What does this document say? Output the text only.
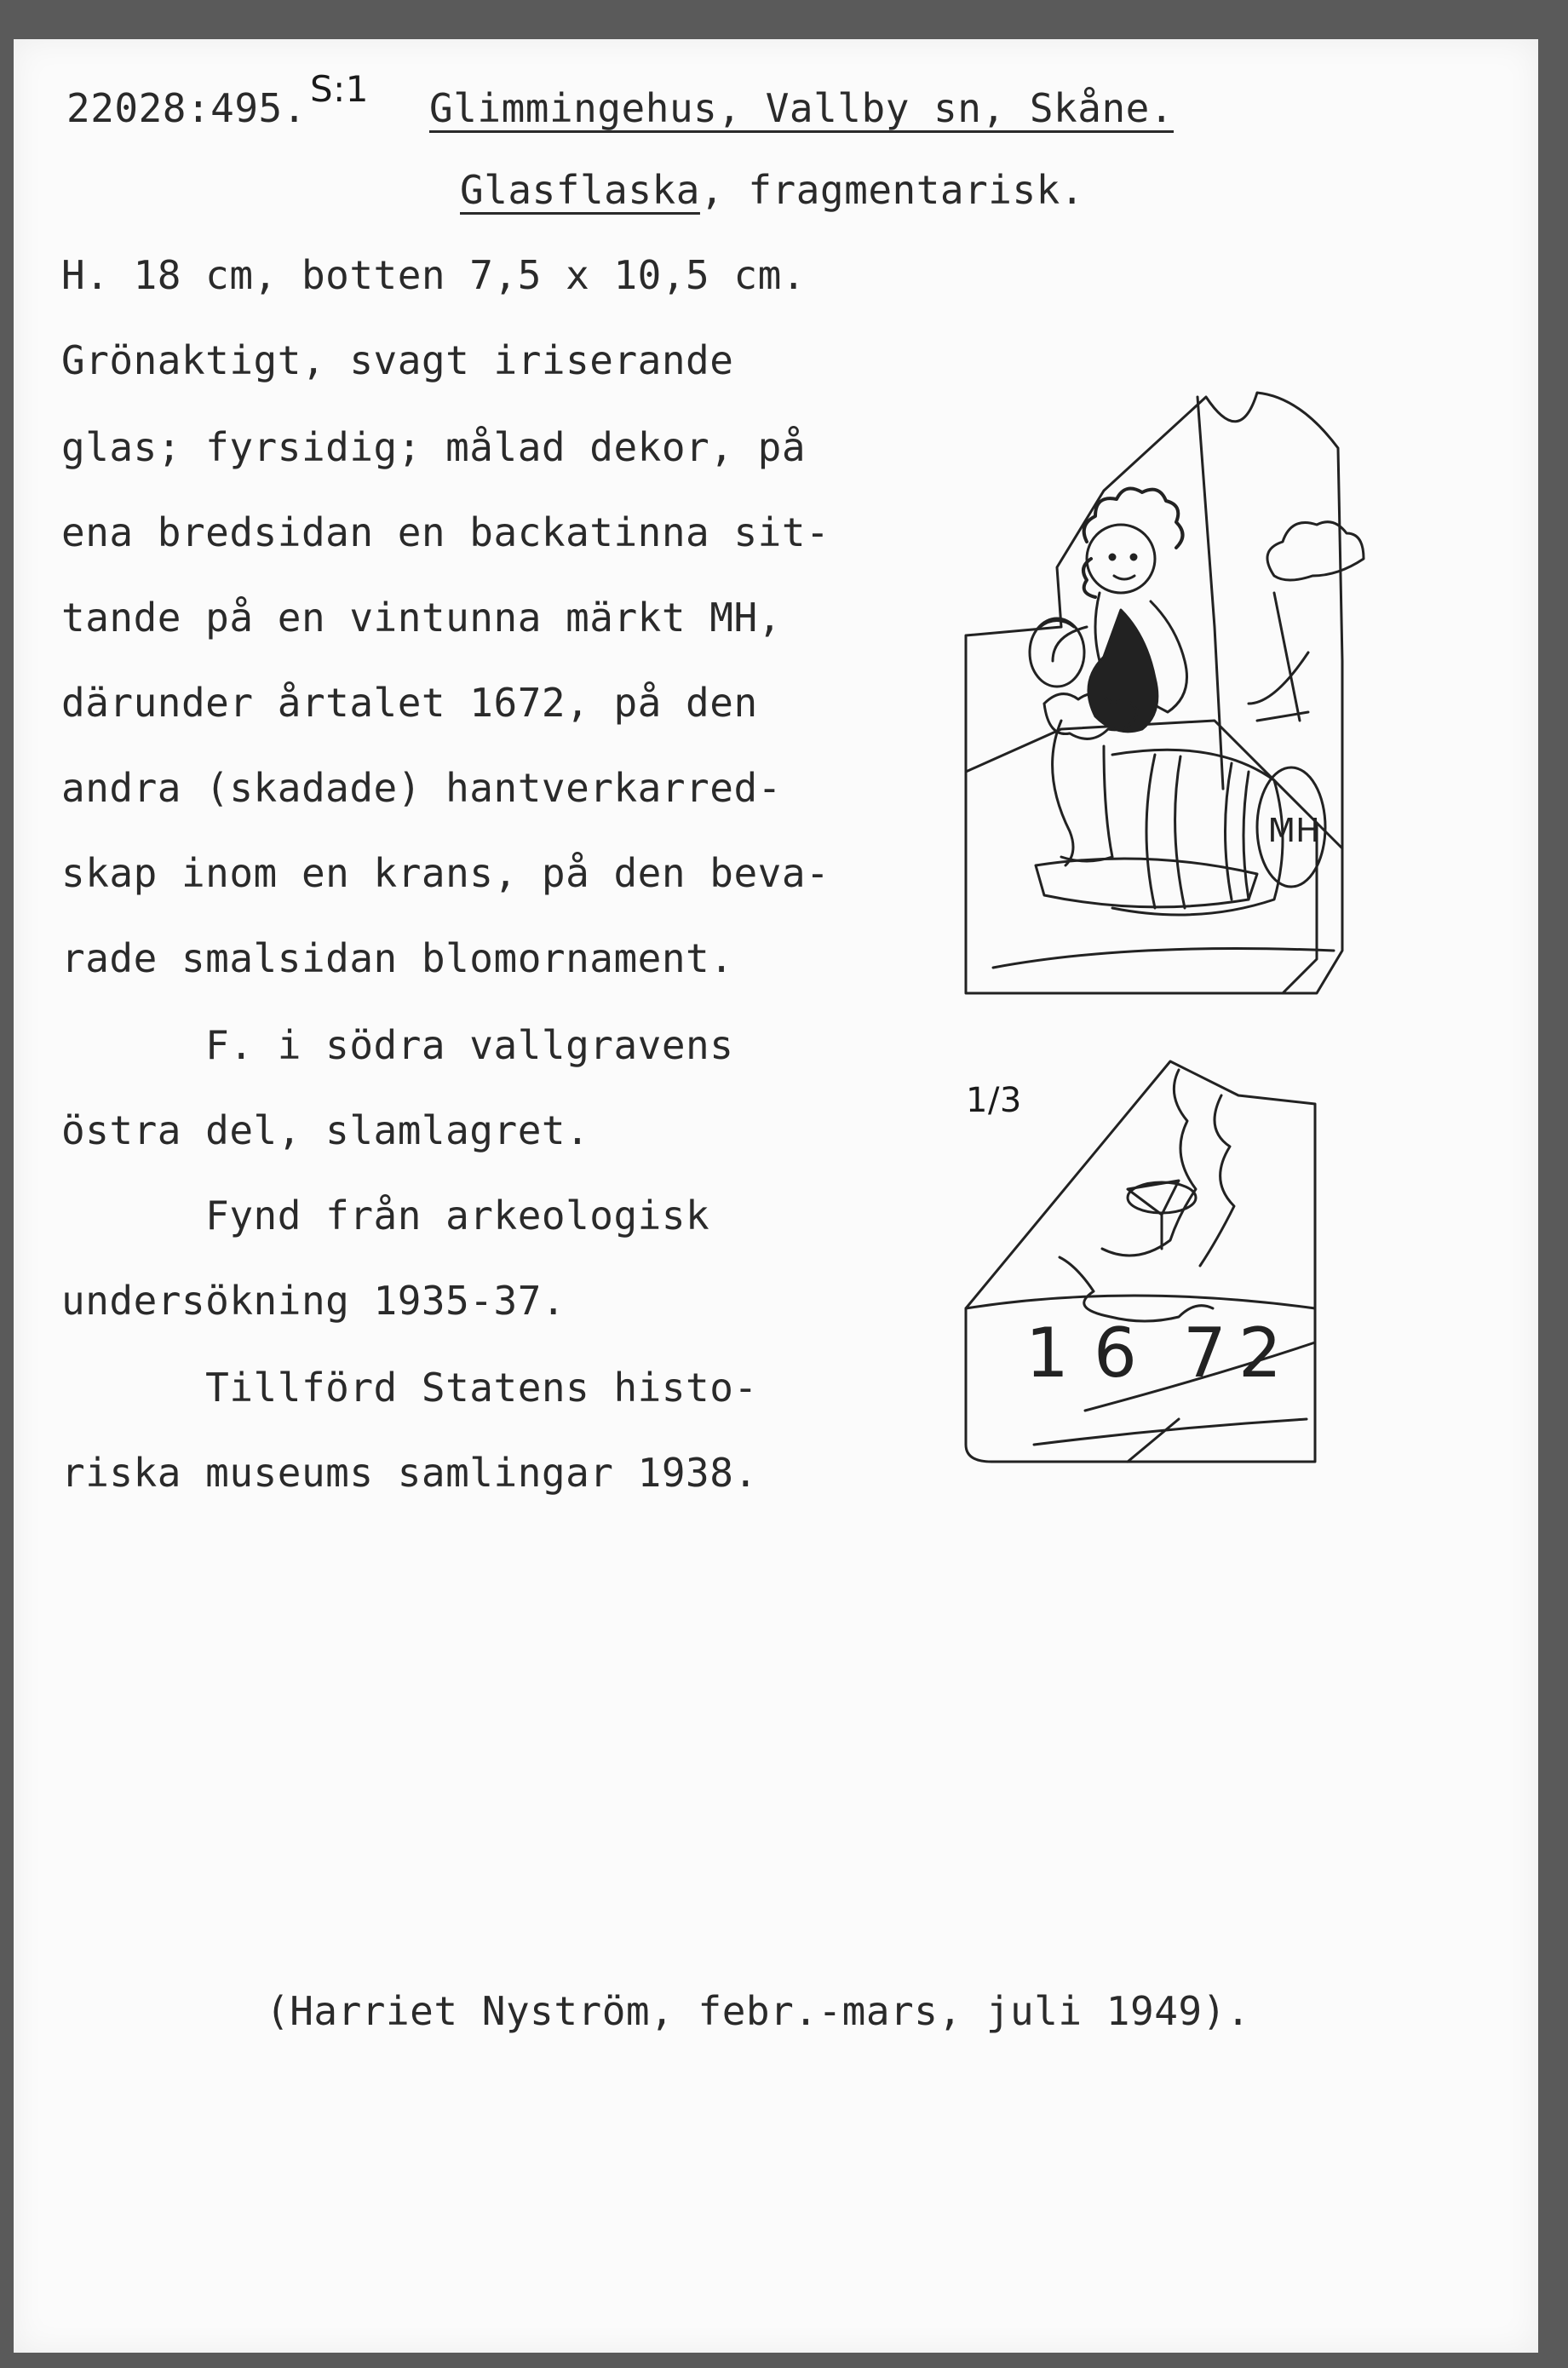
22028:495. S:1 Glimmingehus, Vallby sn, Skåne.
Glasflaska, fragmentarisk.
H. 18 cm, botten 7,5 x 10,5 cm.
Grönaktigt, svagt iriserande
glas; fyrsidig; målad dekor, på
ena bredsidan en backatinna sit-
tande på en vintunna märkt MH,
därunder årtalet 1672, på den
andra (skadade) hantverkarred-
skap inom en krans, på den beva-
rade smalsidan blomornament.
F. i södra vallgravens
östra del, slamlagret.
Fynd från arkeologisk
undersökning 1935-37.
Tillförd Statens histo-
riska museums samlingar 1938.
(Harriet Nyström, febr.-mars, juli 1949).
MH
1/3
1 6 7 2
